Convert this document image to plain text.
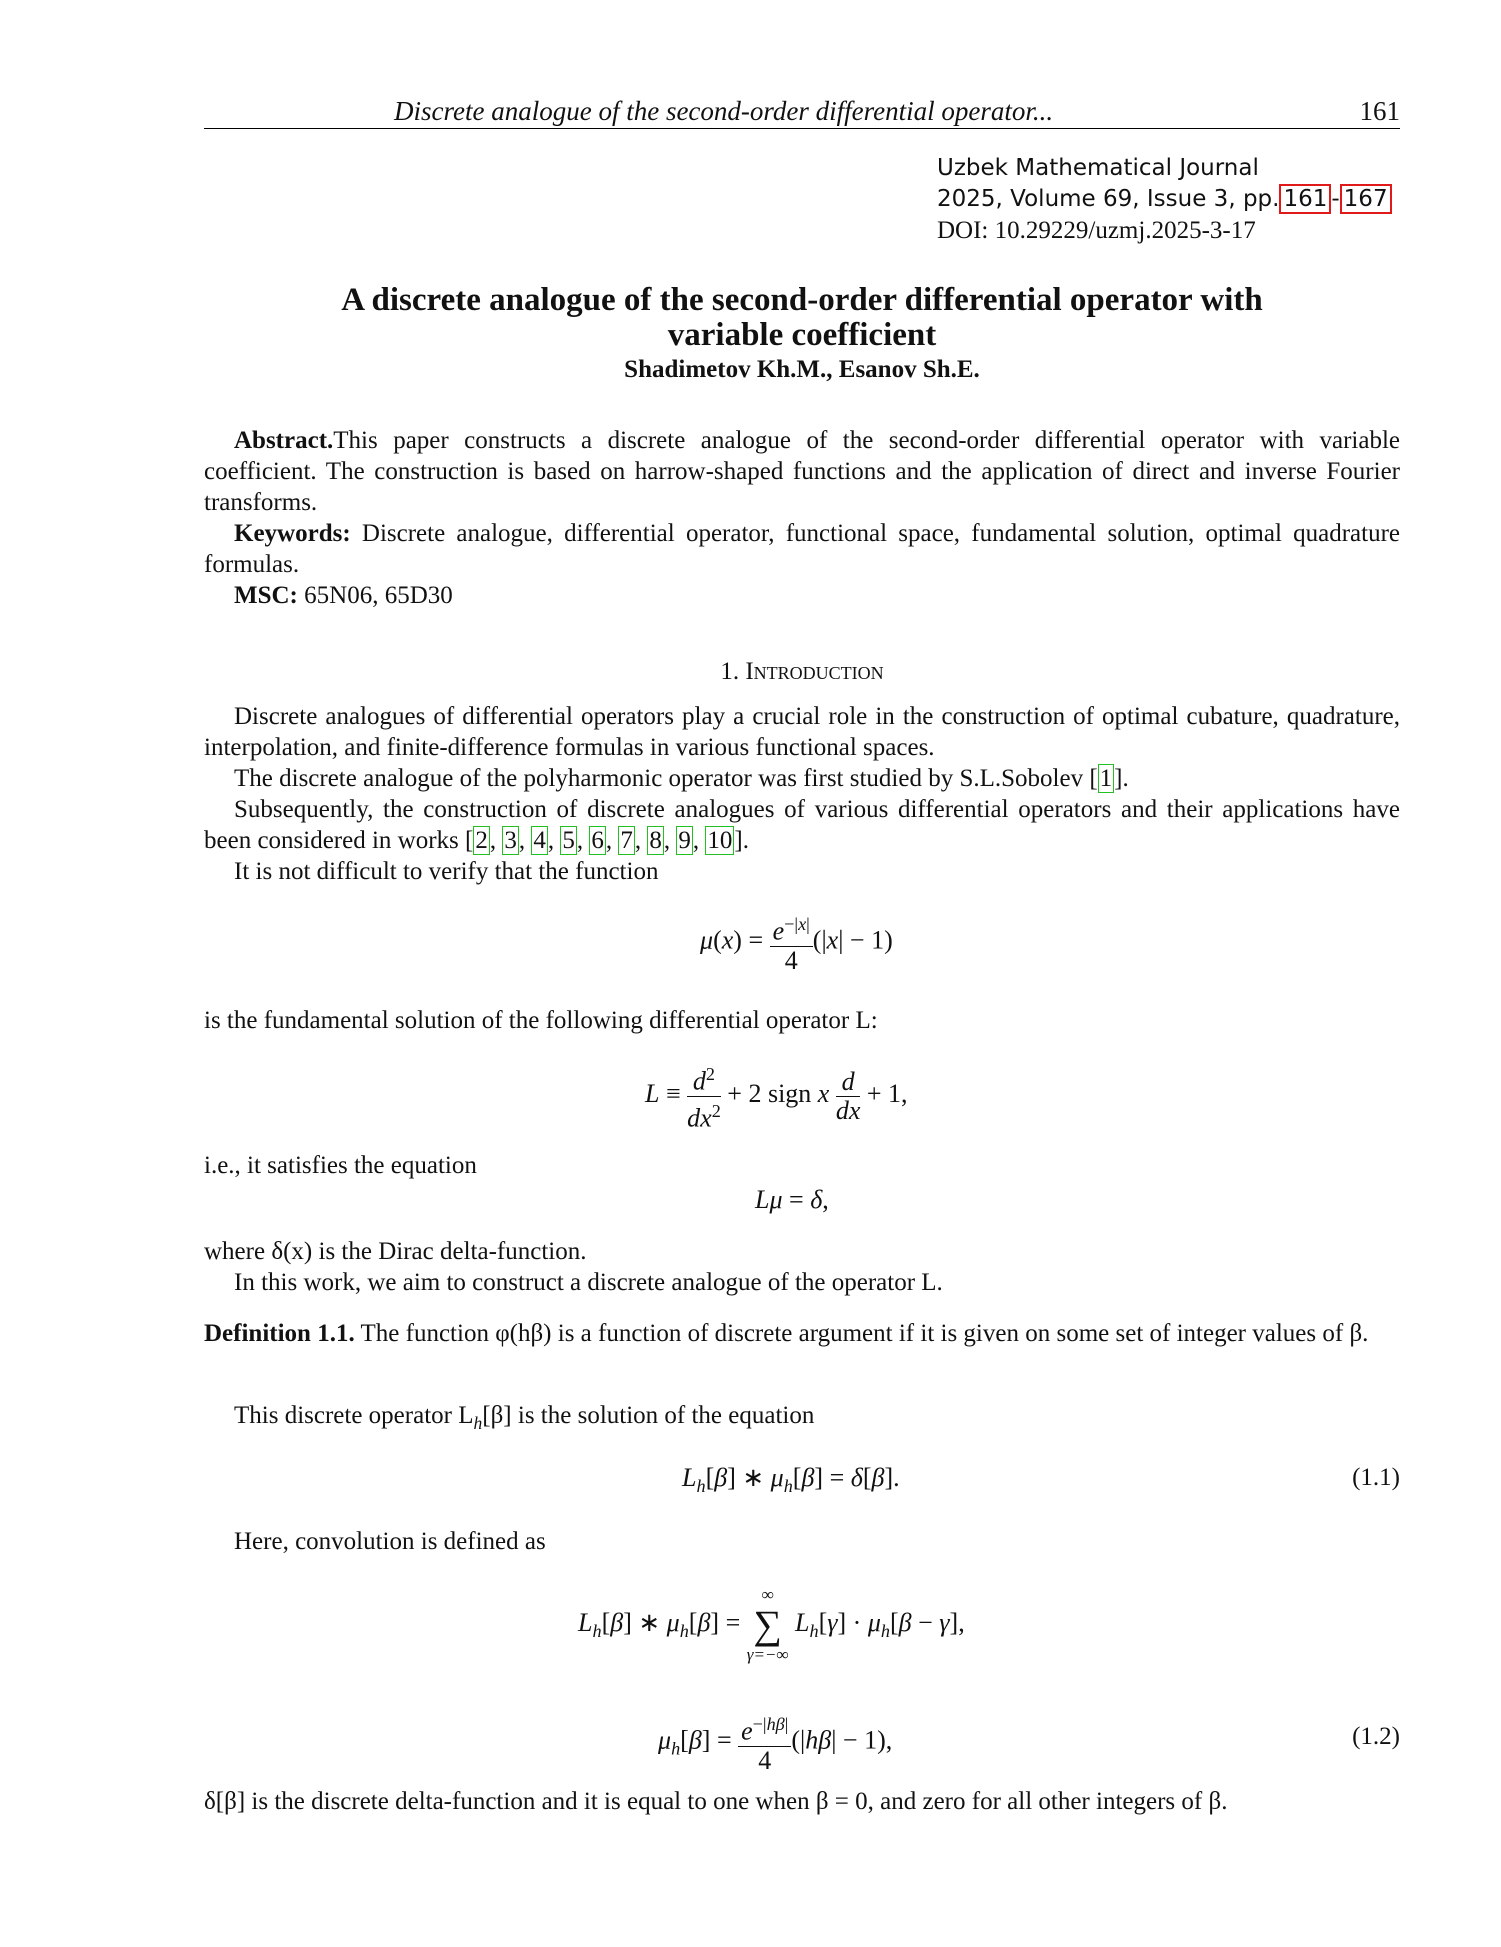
Discrete analogue of the second-order differential operator...	161
Uzbek Mathematical Journal
2025, Volume 69, Issue 3, pp. 161 - 167
DOI: 10.29229/uzmj.2025-3-17
A discrete analogue of the second-order differential operator with
variable coefficient
Shadimetov Kh.M., Esanov Sh.E.
Abstract.This paper constructs a discrete analogue of the second-order differential operator with variable coefficient. The construction is based on harrow-shaped functions and the application of direct and inverse Fourier transforms.
Keywords: Discrete analogue, differential operator, functional space, fundamental solution, optimal quadrature formulas.
MSC: 65N06, 65D30
1. Introduction
Discrete analogues of differential operators play a crucial role in the construction of optimal cubature, quadrature, interpolation, and finite-difference formulas in various functional spaces.
The discrete analogue of the polyharmonic operator was first studied by S.L.Sobolev [1].
Subsequently, the construction of discrete analogues of various differential operators and their applications have been considered in works [2, 3, 4, 5, 6, 7, 8, 9, 10].
It is not difficult to verify that the function
$\mu(x) = \frac{e^{-|x|}}{4} (|x| - 1)$
is the fundamental solution of the following differential operator L:
$L \equiv \frac{d^2}{dx^2} + 2$ sign x $\frac{d}{dx} + 1$,
i.e., it satisfies the equation
Lμ = δ,
where δ(x) is the Dirac delta-function.
In this work, we aim to construct a discrete analogue of the operator L.
Definition 1.1. The function φ(hβ) is a function of discrete argument if it is given on some set of integer values of β.
This discrete operator $L_h[\beta]$ is the solution of the equation
$L_h[\beta]$ ∗ $\mu_h[\beta] = \delta[\beta]$.	(1.1)
Here, convolution is defined as
$L_h[\beta]$ ∗ $\mu_h[\beta]$ =
∞
∑
γ=−∞
$L_h[\gamma] \cdot \mu_h[\beta - \gamma]$,
$\mu_h[\beta] = \frac{e^{-|h\beta|}}{4} (|h\beta| - 1)$,	(1.2)
δ[β] is the discrete delta-function and it is equal to one when β = 0, and zero for all other integers of β.
